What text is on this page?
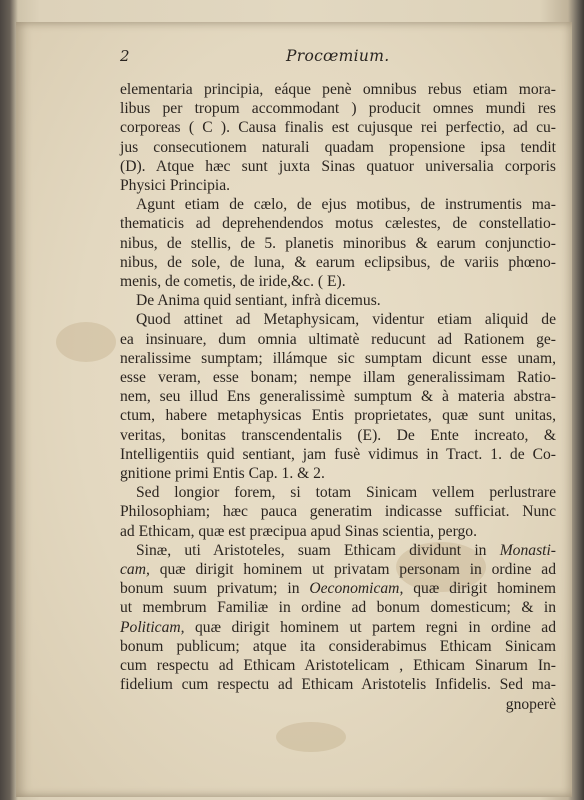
2	Procœmium.
elementaria principia, eáque penè omnibus rebus etiam mora-
libus per tropum accommodant ) producit omnes mundi res
corporeas ( C ). Causa finalis est cujusque rei perfectio, ad cu-
jus consecutionem naturali quadam propensione ipsa tendit
(D). Atque hæc sunt juxta Sinas quatuor universalia corporis
Physici Principia.
Agunt etiam de cælo, de ejus motibus, de instrumentis ma-
thematicis ad deprehendendos motus cælestes, de constellatio-
nibus, de stellis, de 5. planetis minoribus & earum conjunctio-
nibus, de sole, de luna, & earum eclipsibus, de variis phœno-
menis, de cometis, de iride,&c. ( E).
De Anima quid sentiant, infrà dicemus.
Quod attinet ad Metaphysicam, videntur etiam aliquid de
ea insinuare, dum omnia ultimatè reducunt ad Rationem ge-
neralissime sumptam; illámque sic sumptam dicunt esse unam,
esse veram, esse bonam; nempe illam generalissimam Ratio-
nem, seu illud Ens generalissimè sumptum & à materia abstra-
ctum, habere metaphysicas Entis proprietates, quæ sunt unitas,
veritas, bonitas transcendentalis (E). De Ente increato, &
Intelligentiis quid sentiant, jam fusè vidimus in Tract. 1. de Co-
gnitione primi Entis Cap. 1. & 2.
Sed longior forem, si totam Sinicam vellem perlustrare
Philosophiam; hæc pauca generatim indicasse sufficiat. Nunc
ad Ethicam, quæ est præcipua apud Sinas scientia, pergo.
Sinæ, uti Aristoteles, suam Ethicam dividunt in Monasti-
cam, quæ dirigit hominem ut privatam personam in ordine ad
bonum suum privatum; in Oeconomicam, quæ dirigit hominem
ut membrum Familiæ in ordine ad bonum domesticum; & in
Politicam, quæ dirigit hominem ut partem regni in ordine ad
bonum publicum; atque ita considerabimus Ethicam Sinicam
cum respectu ad Ethicam Aristotelicam , Ethicam Sinarum In-
fidelium cum respectu ad Ethicam Aristotelis Infidelis. Sed ma-
gnoperè
